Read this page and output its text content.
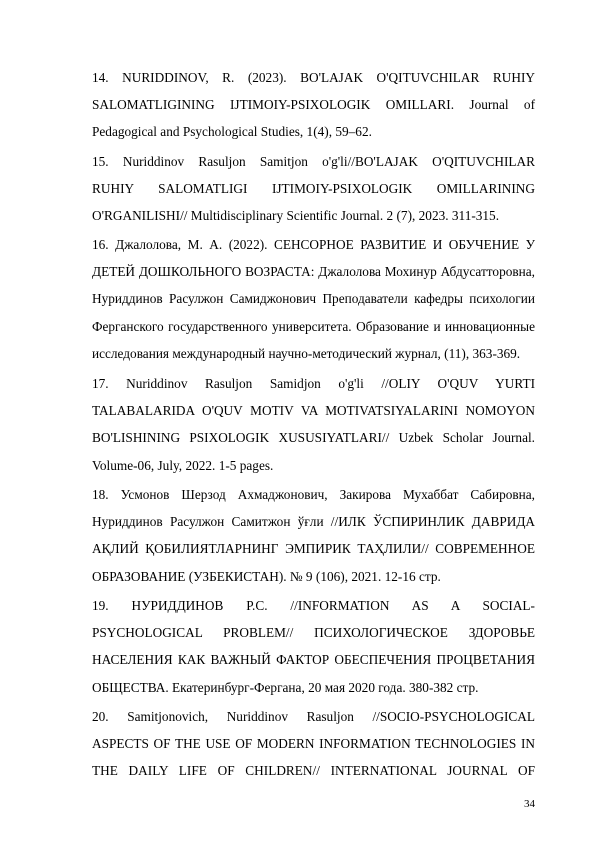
14. NURIDDINOV, R. (2023). BO'LAJAK O'QITUVCHILAR RUHIY
SALOMATLIGINING IJTIMOIY-PSIXOLOGIK OMILLARI. Journal of
Pedagogical and Psychological Studies, 1(4), 59–62.
15. Nuriddinov Rasuljon Samitjon o'g'li//BO'LAJAK O'QITUVCHILAR
RUHIY SALOMATLIGI IJTIMOIY-PSIXOLOGIK OMILLARINING
O'RGANILISHI// Multidisciplinary Scientific Journal. 2 (7), 2023. 311-315.
16. Джалолова, М. А. (2022). СЕНСОРНОЕ РАЗВИТИЕ И ОБУЧЕНИЕ У
ДЕТЕЙ ДОШКОЛЬНОГО ВОЗРАСТА: Джалолова Мохинур Абдусатторовна,
Нуриддинов Расулжон Самиджонович Преподаватели кафедры психологии
Ферганского государственного университета. Образование и инновационные
исследования международный научно-методический журнал, (11), 363-369.
17. Nuriddinov Rasuljon Samidjon o'g'li //OLIY O'QUV YURTI
TALABALARIDA O'QUV MOTIV VA MOTIVATSIYALARINI NOMOYON
BO'LISHINING PSIXOLOGIK XUSUSIYATLARI// Uzbek Scholar Journal.
Volume-06, July, 2022. 1-5 pages.
18. Усмонов Шерзод Ахмаджонович, Закирова Мухаббат Сабировна,
Нуриддинов Расулжон Самитжон ўғли //ИЛК ЎСПИРИНЛИК ДАВРИДА
АҚЛИЙ ҚОБИЛИЯТЛАРНИНГ ЭМПИРИК ТАҲЛИЛИ// СОВРЕМЕННОЕ
ОБРАЗОВАНИЕ (УЗБЕКИСТАН). № 9 (106), 2021. 12-16 стр.
19. НУРИДДИНОВ Р.С. //INFORMATION AS A SOCIAL-
PSYCHOLOGICAL PROBLEM// ПСИХОЛОГИЧЕСКОЕ ЗДОРОВЬЕ
НАСЕЛЕНИЯ КАК ВАЖНЫЙ ФАКТОР ОБЕСПЕЧЕНИЯ ПРОЦВЕТАНИЯ
ОБЩЕСТВА. Екатеринбург-Фергана, 20 мая 2020 года. 380-382 стр.
20. Samitjonovich, Nuriddinov Rasuljon //SOCIO-PSYCHOLOGICAL
ASPECTS OF THE USE OF MODERN INFORMATION TECHNOLOGIES IN
THE DAILY LIFE OF CHILDREN// INTERNATIONAL JOURNAL OF
34
